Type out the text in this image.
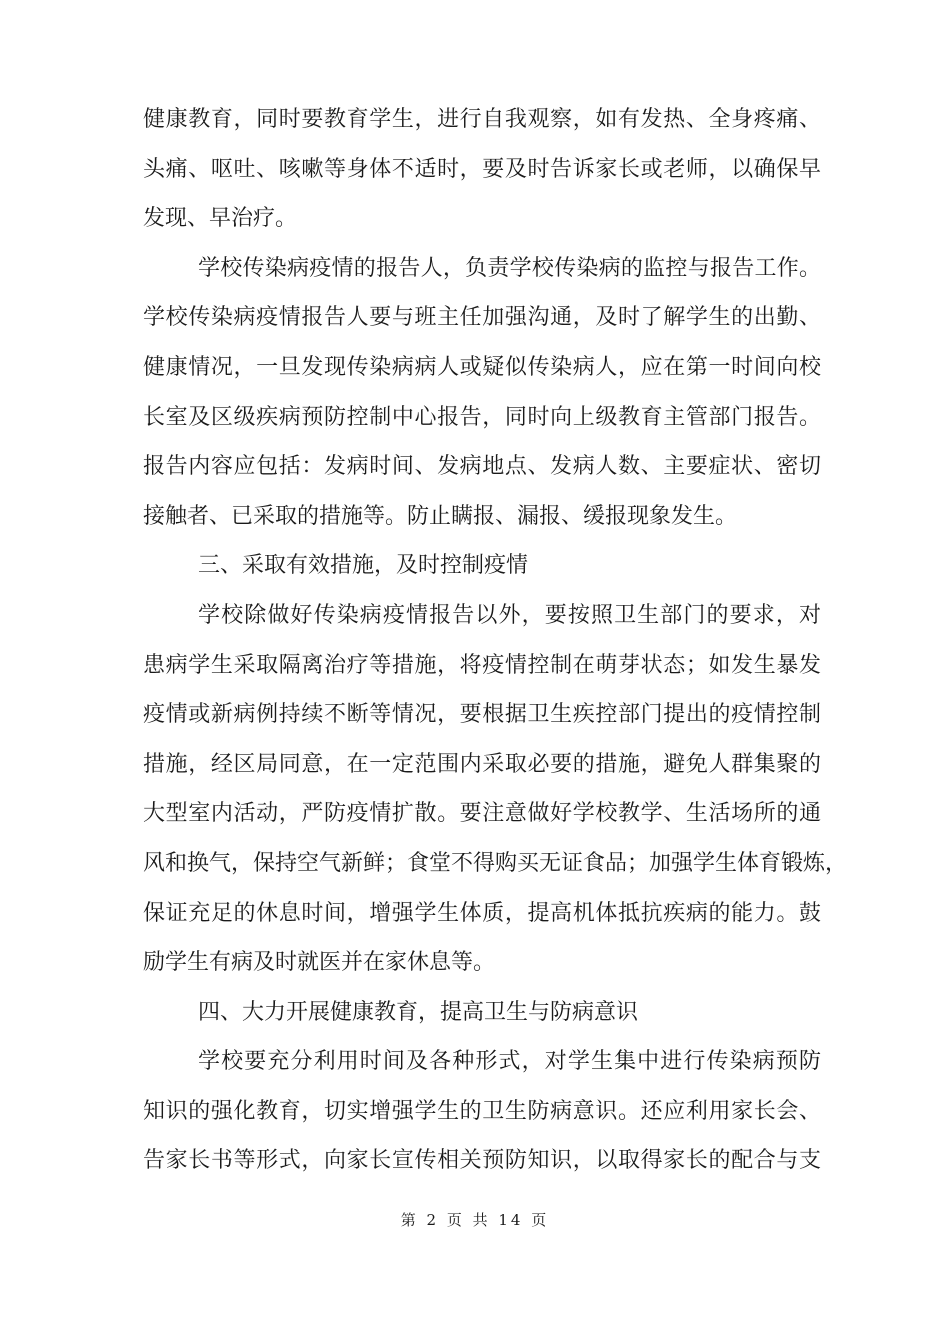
健康教育，同时要教育学生，进行自我观察，如有发热、全身疼痛、
头痛、呕吐、咳嗽等身体不适时，要及时告诉家长或老师，以确保早
发现、早治疗。
学校传染病疫情的报告人，负责学校传染病的监控与报告工作。
学校传染病疫情报告人要与班主任加强沟通，及时了解学生的出勤、
健康情况，一旦发现传染病病人或疑似传染病人，应在第一时间向校
长室及区级疾病预防控制中心报告，同时向上级教育主管部门报告。
报告内容应包括：发病时间、发病地点、发病人数、主要症状、密切
接触者、已采取的措施等。防止瞒报、漏报、缓报现象发生。
三、采取有效措施，及时控制疫情
学校除做好传染病疫情报告以外，要按照卫生部门的要求，对
患病学生采取隔离治疗等措施，将疫情控制在萌芽状态；如发生暴发
疫情或新病例持续不断等情况，要根据卫生疾控部门提出的疫情控制
措施，经区局同意，在一定范围内采取必要的措施，避免人群集聚的
大型室内活动，严防疫情扩散。要注意做好学校教学、生活场所的通
风和换气，保持空气新鲜；食堂不得购买无证食品；加强学生体育锻炼，
保证充足的休息时间，增强学生体质，提高机体抵抗疾病的能力。鼓
励学生有病及时就医并在家休息等。
四、大力开展健康教育，提高卫生与防病意识
学校要充分利用时间及各种形式，对学生集中进行传染病预防
知识的强化教育，切实增强学生的卫生防病意识。还应利用家长会、
告家长书等形式，向家长宣传相关预防知识，以取得家长的配合与支
第 2 页 共 14 页
